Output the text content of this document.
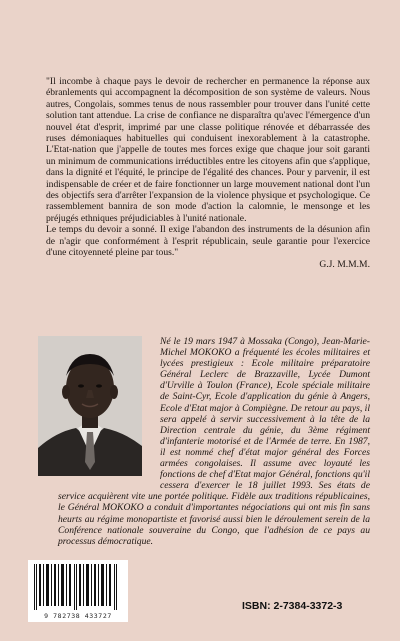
"Il incombe à chaque pays le devoir de rechercher en permanence la réponse aux ébranlements qui accompagnent la décomposition de son système de valeurs. Nous autres, Congolais, sommes tenus de nous rassembler pour trouver dans l'unité cette solution tant attendue. La crise de confiance ne disparaîtra qu'avec l'émergence d'un nouvel état d'esprit, imprimé par une classe politique rénovée et débarrassée des ruses démoniaques habituelles qui conduisent inexorablement à la catastrophe. L'Etat-nation que j'appelle de toutes mes forces exige que chaque jour soit garanti un minimum de communications irréductibles entre les citoyens afin que s'applique, dans la dignité et l'équité, le principe de l'égalité des chances. Pour y parvenir, il est indispensable de créer et de faire fonctionner un large mouvement national dont l'un des objectifs sera d'arrêter l'expansion de la violence physique et psychologique. Ce rassemblement bannira de son mode d'action la calomnie, le mensonge et les préjugés ethniques préjudiciables à l'unité nationale.

Le temps du devoir a sonné. Il exige l'abandon des instruments de la désunion afin de n'agir que conformément à l'esprit républicain, seule garantie pour l'exercice d'une citoyenneté pleine par tous."

G.J. M.M.M.
Né le 19 mars 1947 à Mossaka (Congo), Jean-Marie-Michel MOKOKO a fréquenté les écoles militaires et lycées prestigieux : Ecole militaire préparatoire Général Leclerc de Brazzaville, Lycée Dumont d'Urville à Toulon (France), Ecole spéciale militaire de Saint-Cyr, Ecole d'application du génie à Angers, Ecole d'Etat major à Compiègne. De retour au pays, il sera appelé à servir successivement à la tête de la Direction centrale du génie, du 3ème régiment d'infanterie motorisé et de l'Armée de terre. En 1987, il est nommé chef d'état major général des Forces armées congolaises. Il assume avec loyauté les fonctions de chef d'Etat major Général, fonctions qu'il cessera d'exercer le 18 juillet 1993. Ses états de service acquièrent vite une portée politique. Fidèle aux traditions républicaines, le Général MOKOKO a conduit d'importantes négociations qui ont mis fin sans heurts au régime monopartiste et favorisé aussi bien le déroulement serein de la Conférence nationale souveraine du Congo, que l'adhésion de ce pays au processus démocratique.
9 782738 433727
ISBN: 2-7384-3372-3
